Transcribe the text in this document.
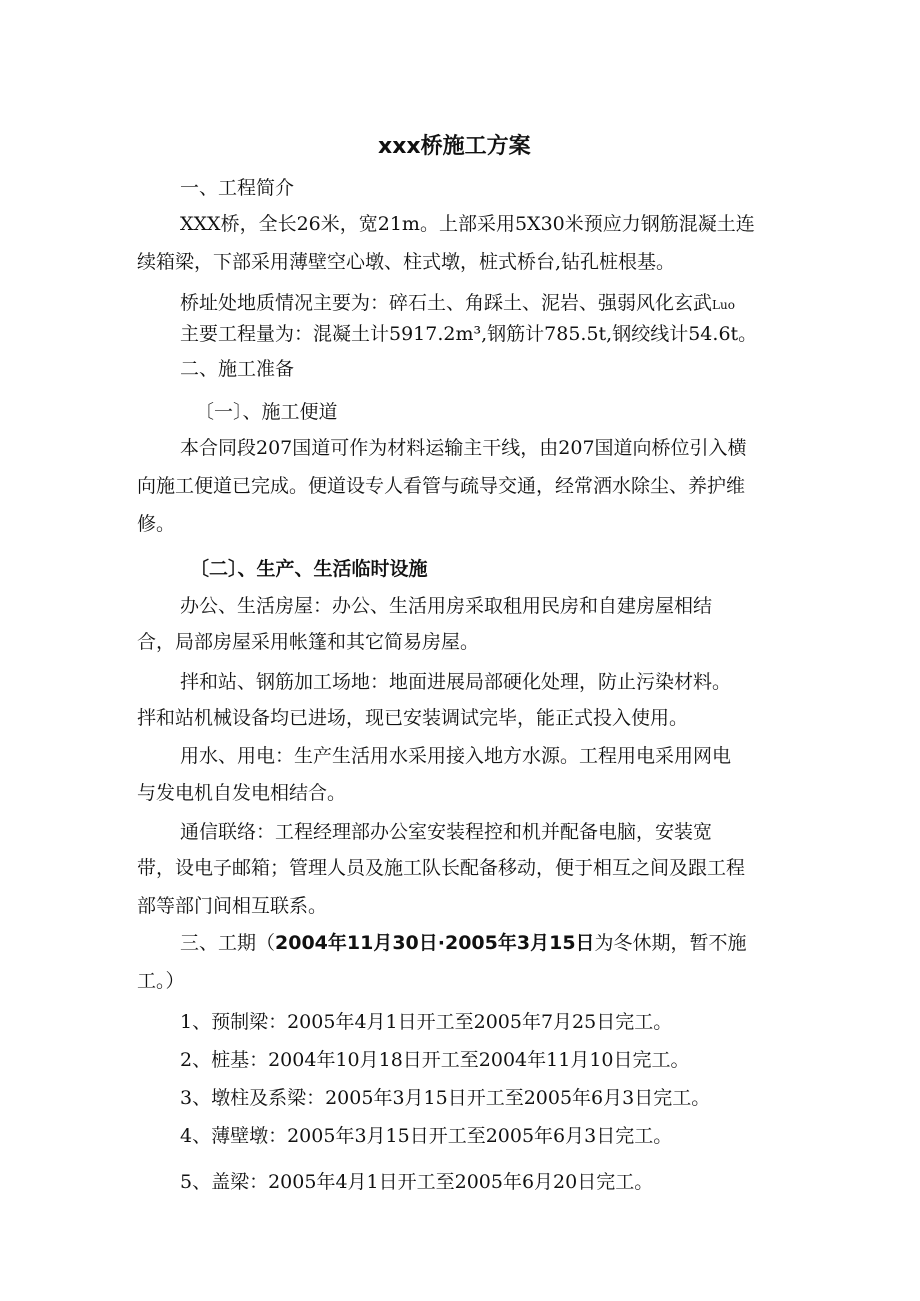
xxx桥施工方案
一、工程简介
XXX桥，全长26米，宽21m。上部采用5X30米预应力钢筋混凝土连
续箱梁，下部采用薄壁空心墩、柱式墩，桩式桥台,钻孔桩根基。
桥址处地质情况主要为：碎石土、角踩土、泥岩、强弱风化玄武Luo
主要工程量为：混凝土计5917.2m³,钢筋计785.5t,钢绞线计54.6t。
二、施工准备
〔一〕、施工便道
本合同段207国道可作为材料运输主干线，由207国道向桥位引入横
向施工便道已完成。便道设专人看管与疏导交通，经常洒水除尘、养护维
修。
〔二〕、生产、生活临时设施
办公、生活房屋：办公、生活用房采取租用民房和自建房屋相结
合，局部房屋采用帐篷和其它简易房屋。
拌和站、钢筋加工场地：地面进展局部硬化处理，防止污染材料。
拌和站机械设备均已进场，现已安装调试完毕，能正式投入使用。
用水、用电：生产生活用水采用接入地方水源。工程用电采用网电
与发电机自发电相结合。
通信联络：工程经理部办公室安装程控和机并配备电脑，安装宽
带，设电子邮箱；管理人员及施工队长配备移动，便于相互之间及跟工程
部等部门间相互联系。
三、工期（2004年11月30日·2005年3月15日为冬休期，暂不施
工。）
1、预制梁：2005年4月1日开工至2005年7月25日完工。
2、桩基：2004年10月18日开工至2004年11月10日完工。
3、墩柱及系梁：2005年3月15日开工至2005年6月3日完工。
4、薄壁墩：2005年3月15日开工至2005年6月3日完工。
5、盖梁：2005年4月1日开工至2005年6月20日完工。
